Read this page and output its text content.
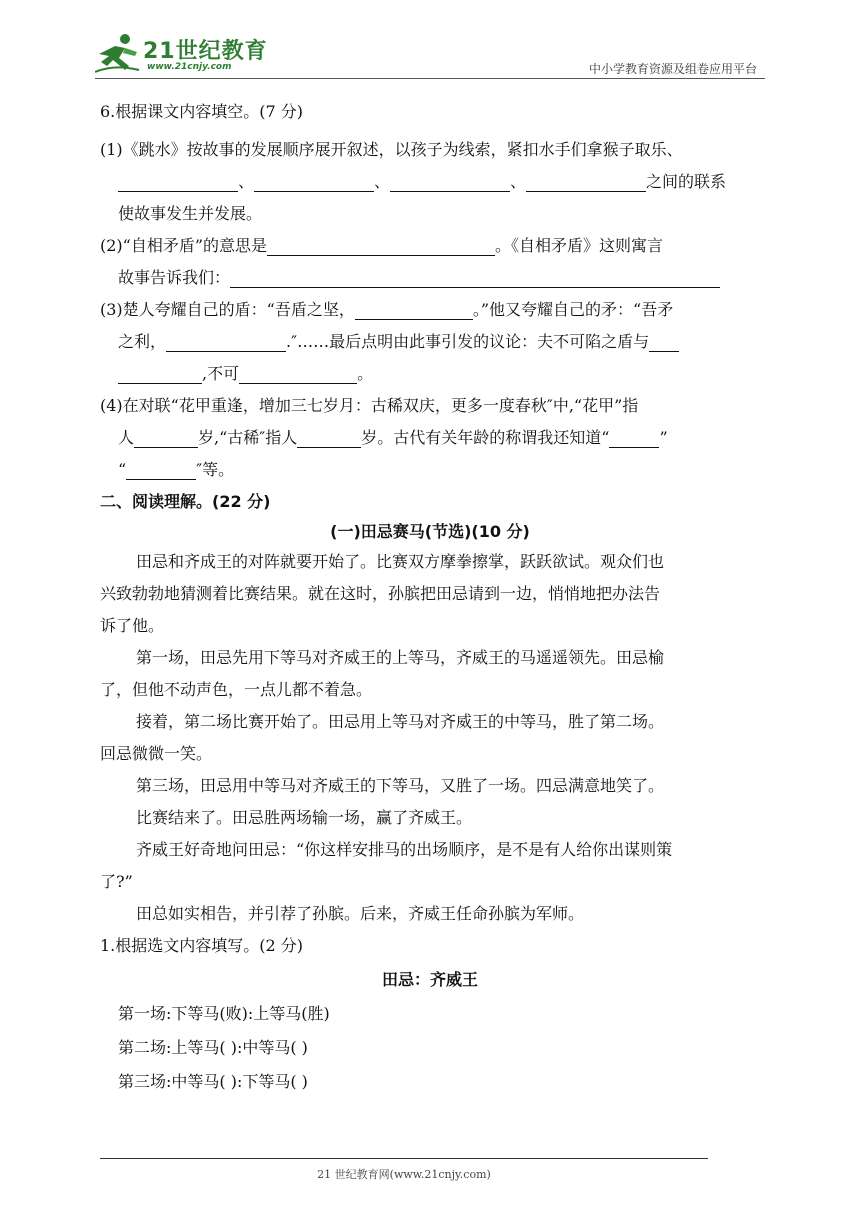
21世纪教育
www.21cnjy.com	中小学教育资源及组卷应用平台
6.根据课文内容填空。(7 分)
(1)《跳水》按故事的发展顺序展开叙述，以孩子为线索，紧扣水手们拿猴子取乐、
、	、	、	之间的联系
使故事发生并发展。
(2)“自相矛盾”的意思是	。《自相矛盾》这则寓言
故事告诉我们：
(3)楚人夸耀自己的盾：“吾盾之坚，	。”他又夸耀自己的矛：“吾矛
之利，	.″……最后点明由此事引发的议论：夫不可陷之盾与
,不可	。
(4)在对联“花甲重逢，增加三七岁月：古稀双庆，更多一度春秋″中,“花甲”指
人	岁,“古稀″指人	岁。古代有关年龄的称谓我还知道“	”
“	″等。
二、阅读理解。(22 分)
(一)田忌赛马(节选)(10 分)
田忌和齐成王的对阵就要开始了。比赛双方摩拳擦掌，跃跃欲试。观众们也
兴致勃勃地猜测着比赛结果。就在这时，孙膑把田忌请到一边，悄悄地把办法告
诉了他。
第一场，田忌先用下等马对齐威王的上等马，齐威王的马遥遥领先。田忌榆
了，但他不动声色，一点儿都不着急。
接着，第二场比赛开始了。田忌用上等马对齐威王的中等马，胜了第二场。
回忌微微一笑。
第三场，田忌用中等马对齐威王的下等马，又胜了一场。四忌满意地笑了。
比赛结来了。田忌胜两场输一场，赢了齐威王。
齐威王好奇地问田忌：“你这样安排马的出场顺序，是不是有人给你出谋则策
了?”
田总如实相告，并引荐了孙膑。后来，齐威王任命孙膑为军师。
1.根据选文内容填写。(2 分)
田忌：齐威王
第一场:下等马(败):上等马(胜)
第二场:上等马( ):中等马( )
第三场:中等马( ):下等马( )
21 世纪教育网(www.21cnjy.com)
